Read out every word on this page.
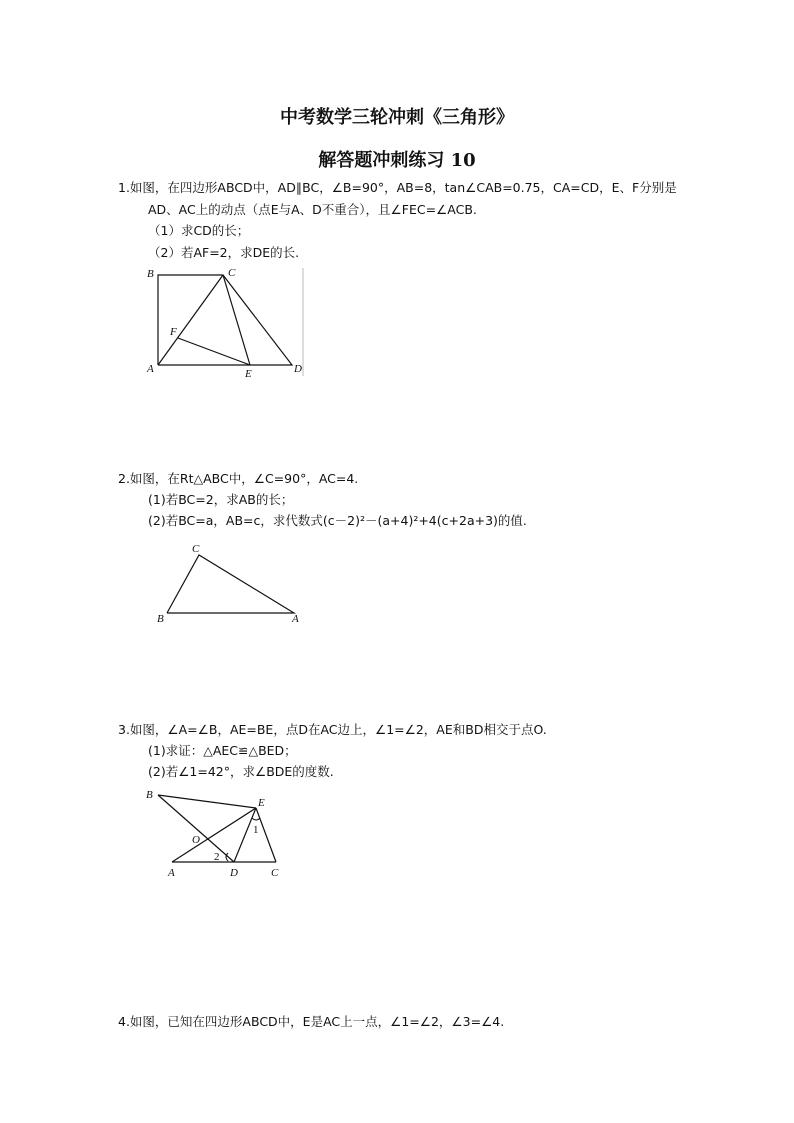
中考数学三轮冲刺《三角形》
解答题冲刺练习 10
1.如图，在四边形ABCD中，AD∥BC，∠B=90°，AB=8，tan∠CAB=0.75，CA=CD，E、F分别是
AD、AC上的动点（点E与A、D不重合），且∠FEC=∠ACB.
（1）求CD的长；
（2）若AF=2，求DE的长.
B	C
F
A	E	D
2.如图，在Rt△ABC中，∠C=90°，AC=4.
(1)若BC=2，求AB的长；
(2)若BC=a，AB=c，求代数式(c－2)²－(a+4)²+4(c+2a+3)的值.
C
B	A
3.如图，∠A=∠B，AE=BE，点D在AC边上，∠1=∠2，AE和BD相交于点O.
(1)求证：△AEC≌△BED；
(2)若∠1=42°，求∠BDE的度数.
B
E
1
O
2
A	D	C
4.如图，已知在四边形ABCD中，E是AC上一点，∠1=∠2，∠3=∠4.
